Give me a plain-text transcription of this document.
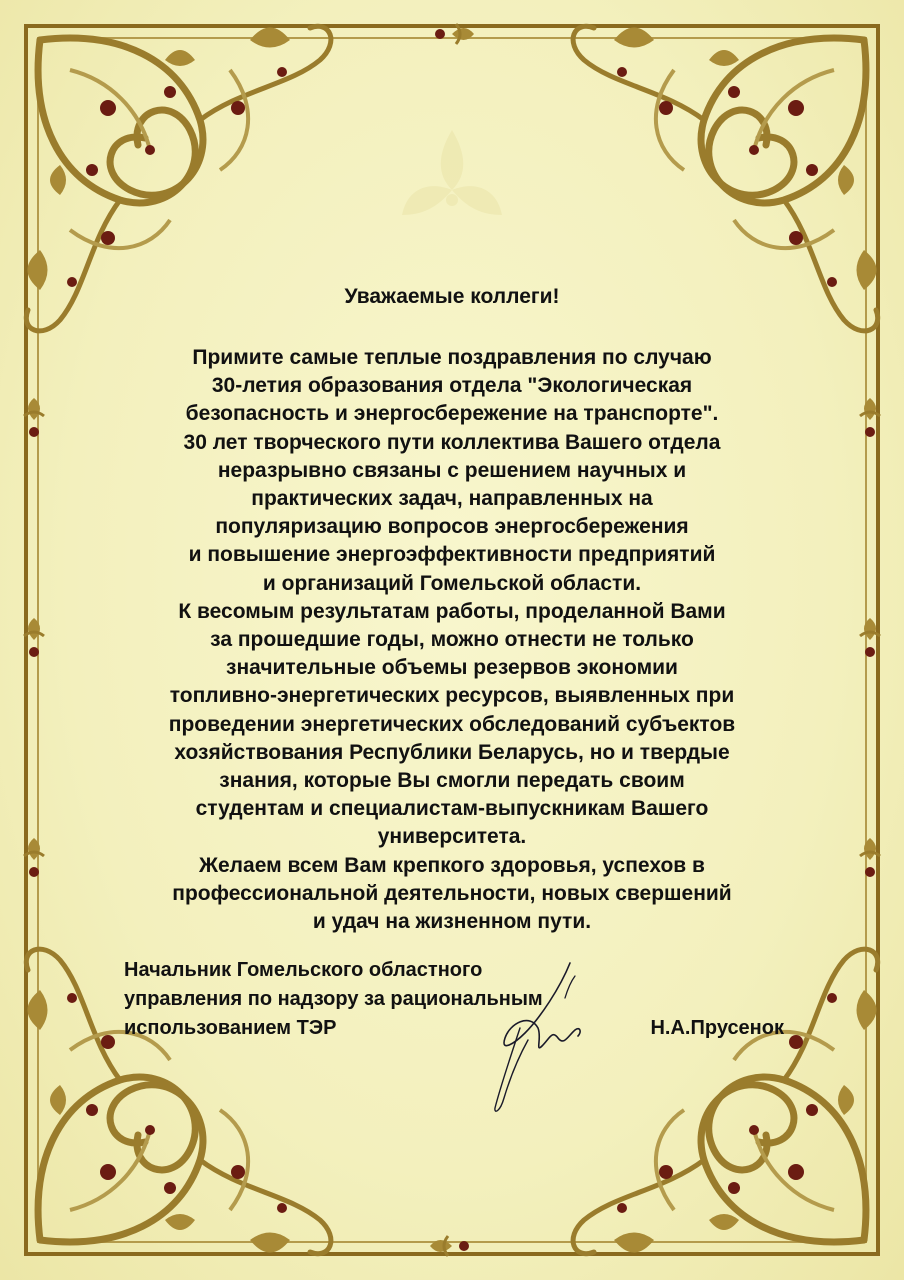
Уважаемые коллеги!
Примите самые теплые поздравления по случаю
30-летия образования отдела "Экологическая
безопасность и энергосбережение на транспорте".
30 лет творческого пути коллектива Вашего отдела
неразрывно связаны с решением научных и
практических задач, направленных на
популяризацию вопросов энергосбережения
и повышение энергоэффективности предприятий
и организаций Гомельской области.
К весомым результатам работы, проделанной Вами
за прошедшие годы, можно отнести не только
значительные объемы резервов экономии
топливно-энергетических ресурсов, выявленных при
проведении энергетических обследований субъектов
хозяйствования Республики Беларусь, но и твердые
знания, которые Вы смогли передать своим
студентам и специалистам-выпускникам Вашего
университета.
Желаем всем Вам крепкого здоровья, успехов в
профессиональной деятельности, новых свершений
и удач на жизненном пути.
Начальник Гомельского областного
управления по надзору за рациональным
использованием ТЭР	Н.А.Прусенок
